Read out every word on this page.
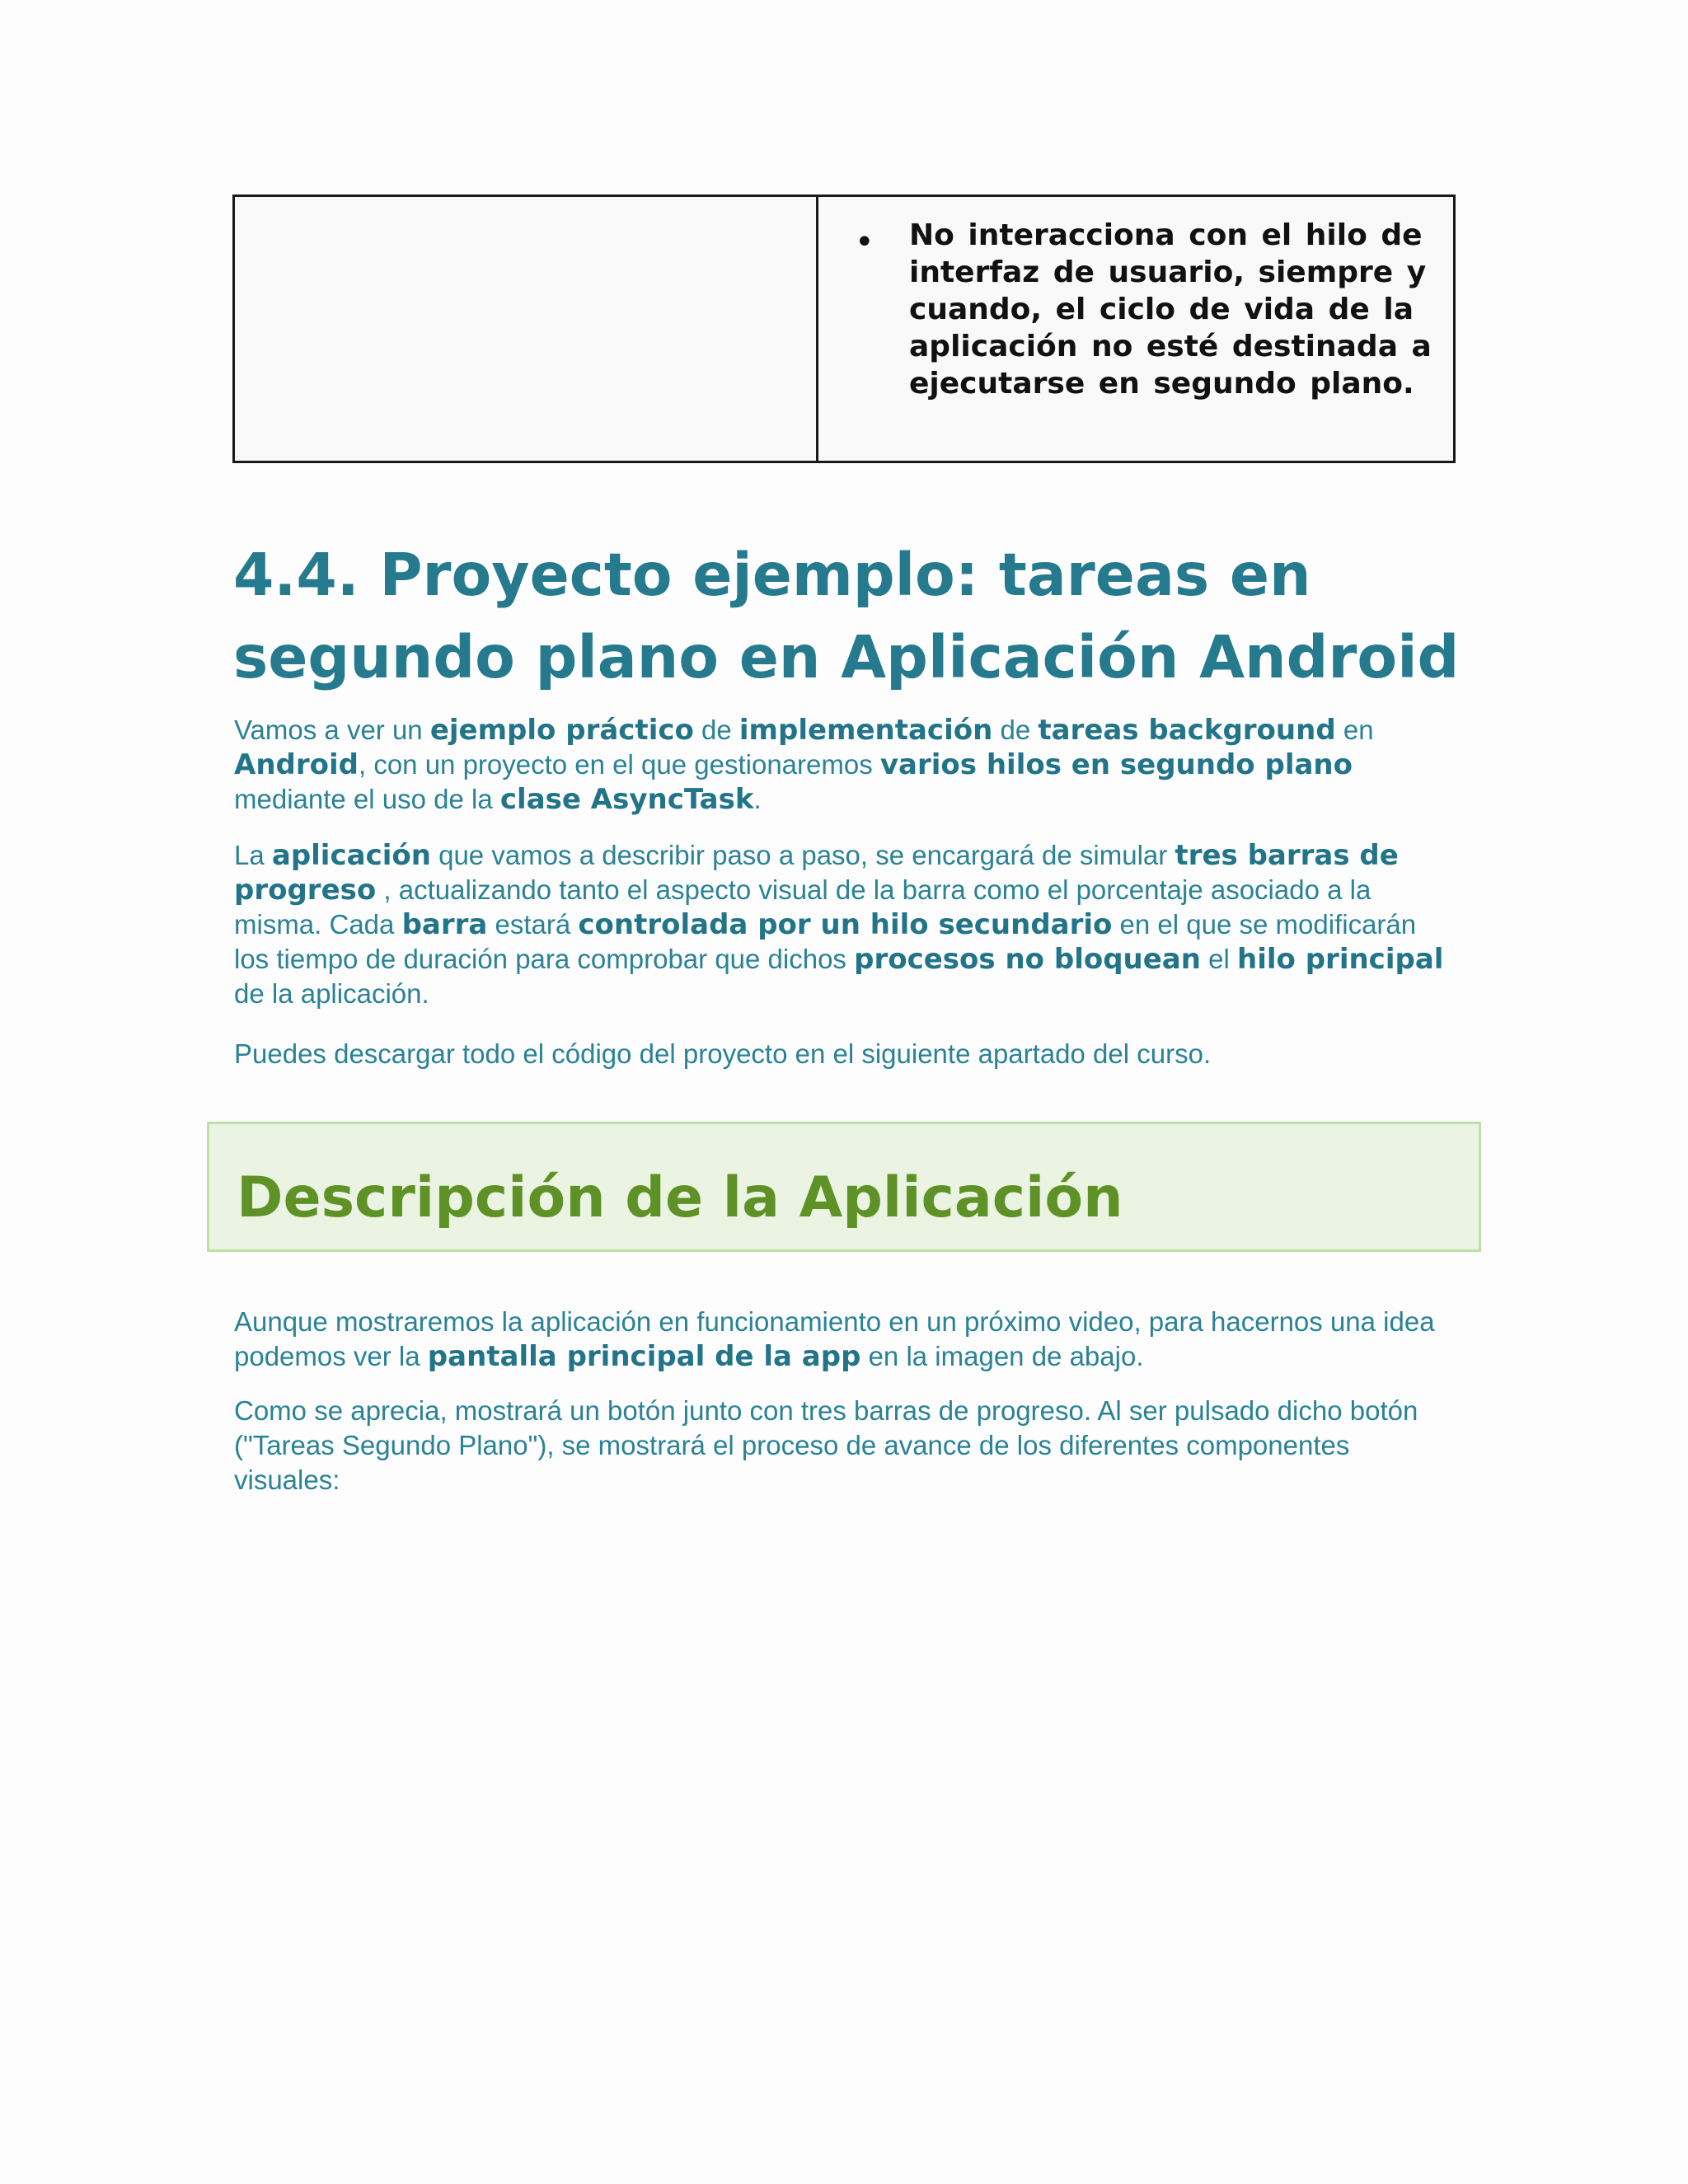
• No interacciona con el hilo de
interfaz de usuario, siempre y
cuando, el ciclo de vida de la
aplicación no esté destinada a
ejecutarse en segundo plano.
4.4. Proyecto ejemplo: tareas en
segundo plano en Aplicación Android

Vamos a ver un ejemplo práctico de implementación de tareas background en Android, con un proyecto en el que gestionaremos varios hilos en segundo plano mediante el uso de la clase AsyncTask.

La aplicación que vamos a describir paso a paso, se encargará de simular tres barras de progreso , actualizando tanto el aspecto visual de la barra como el porcentaje asociado a la misma. Cada barra estará controlada por un hilo secundario en el que se modificarán los tiempo de duración para comprobar que dichos procesos no bloquean el hilo principal de la aplicación.

Puedes descargar todo el código del proyecto en el siguiente apartado del curso.

Descripción de la Aplicación

Aunque mostraremos la aplicación en funcionamiento en un próximo video, para hacernos una idea podemos ver la pantalla principal de la app en la imagen de abajo.

Como se aprecia, mostrará un botón junto con tres barras de progreso. Al ser pulsado dicho botón ("Tareas Segundo Plano"), se mostrará el proceso de avance de los diferentes componentes visuales:
